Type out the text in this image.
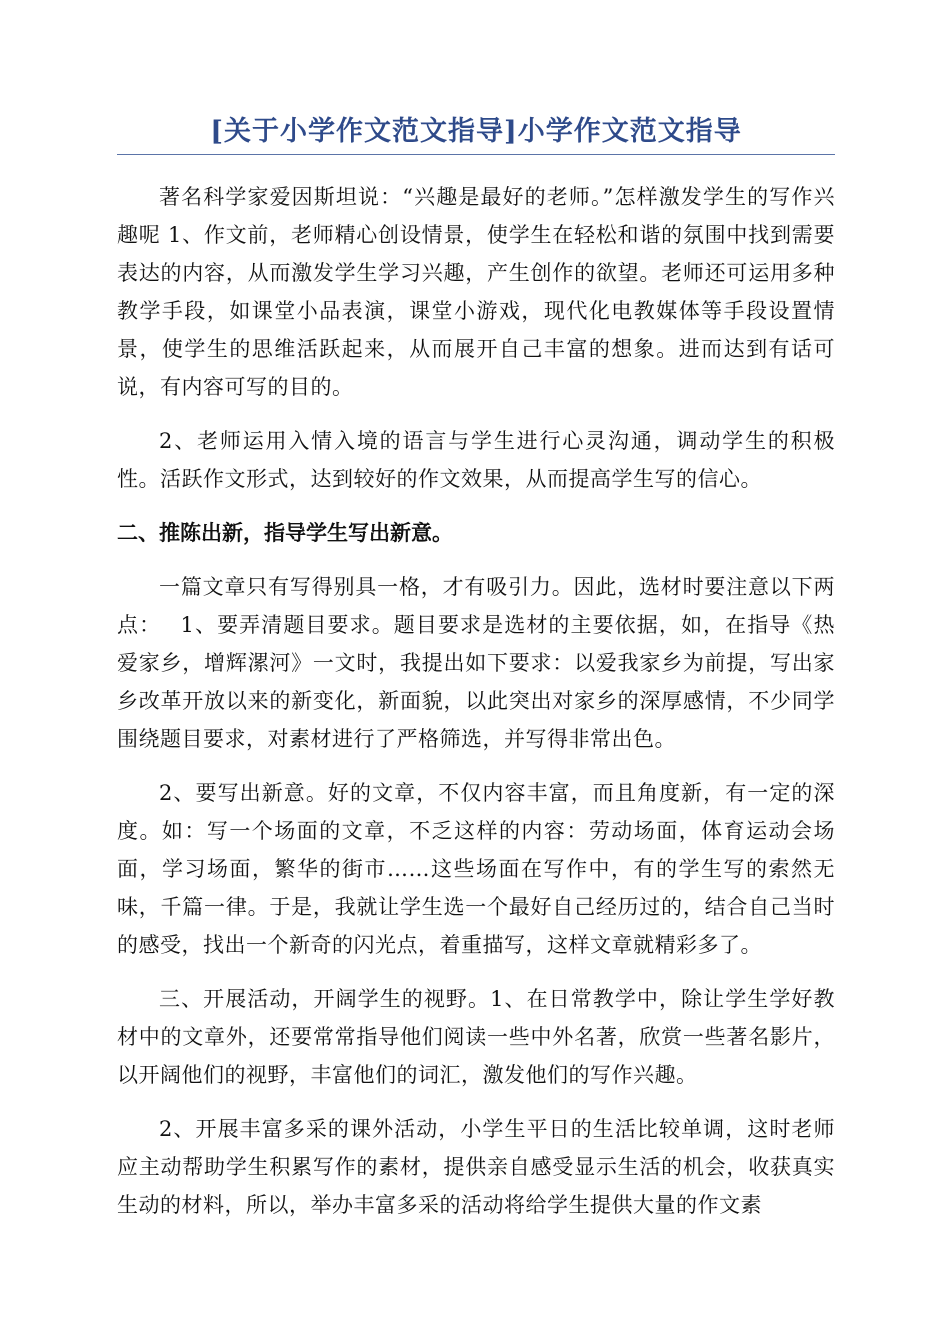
[关于小学作文范文指导]小学作文范文指导

著名科学家爱因斯坦说：“兴趣是最好的老师。”怎样激发学生的写作兴趣呢 1、作文前，老师精心创设情景，使学生在轻松和谐的氛围中找到需要表达的内容，从而激发学生学习兴趣，产生创作的欲望。老师还可运用多种教学手段，如课堂小品表演，课堂小游戏，现代化电教媒体等手段设置情景，使学生的思维活跃起来，从而展开自己丰富的想象。进而达到有话可说，有内容可写的目的。

2、老师运用入情入境的语言与学生进行心灵沟通，调动学生的积极性。活跃作文形式，达到较好的作文效果，从而提高学生写的信心。

二、推陈出新，指导学生写出新意。

一篇文章只有写得别具一格，才有吸引力。因此，选材时要注意以下两点：　 1、要弄清题目要求。题目要求是选材的主要依据，如，在指导《热爱家乡，增辉漯河》一文时，我提出如下要求：以爱我家乡为前提，写出家乡改革开放以来的新变化，新面貌，以此突出对家乡的深厚感情，不少同学围绕题目要求，对素材进行了严格筛选，并写得非常出色。

2、要写出新意。好的文章，不仅内容丰富，而且角度新，有一定的深度。如：写一个场面的文章，不乏这样的内容：劳动场面，体育运动会场面，学习场面，繁华的街市……这些场面在写作中，有的学生写的索然无味，千篇一律。于是，我就让学生选一个最好自己经历过的，结合自己当时的感受，找出一个新奇的闪光点，着重描写，这样文章就精彩多了。

三、开展活动，开阔学生的视野。1、在日常教学中，除让学生学好教材中的文章外，还要常常指导他们阅读一些中外名著，欣赏一些著名影片，以开阔他们的视野，丰富他们的词汇，激发他们的写作兴趣。

2、开展丰富多采的课外活动，小学生平日的生活比较单调，这时老师应主动帮助学生积累写作的素材，提供亲自感受显示生活的机会，收获真实生动的材料，所以，举办丰富多采的活动将给学生提供大量的作文素
